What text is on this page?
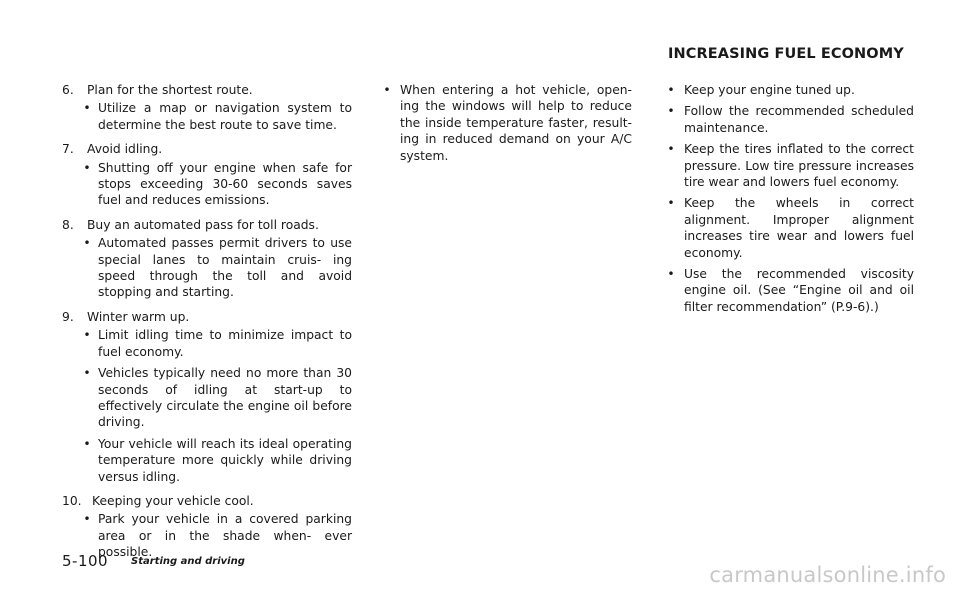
INCREASING FUEL ECONOMY
6. Plan for the shortest route.
• Utilize a map or navigation system to determine the best route to save time.
7. Avoid idling.
• Shutting off your engine when safe for stops exceeding 30-60 seconds saves fuel and reduces emissions.
8. Buy an automated pass for toll roads.
• Automated passes permit drivers to use special lanes to maintain cruis- ing speed through the toll and avoid stopping and starting.
9. Winter warm up.
• Limit idling time to minimize impact to fuel economy.
• Vehicles typically need no more than 30 seconds of idling at start-up to effectively circulate the engine oil before driving.
• Your vehicle will reach its ideal operating temperature more quickly while driving versus idling.
10. Keeping your vehicle cool.
• Park your vehicle in a covered parking area or in the shade when- ever possible.
• When entering a hot vehicle, open- ing the windows will help to reduce the inside temperature faster, result- ing in reduced demand on your A/C system.
• Keep your engine tuned up.
• Follow the recommended scheduled maintenance.
• Keep the tires inflated to the correct pressure. Low tire pressure increases tire wear and lowers fuel economy.
• Keep the wheels in correct alignment. Improper alignment increases tire wear and lowers fuel economy.
• Use the recommended viscosity engine oil. (See “Engine oil and oil filter recommendation” (P.9-6).)
5-100 Starting and driving
carmanualsonline.info
